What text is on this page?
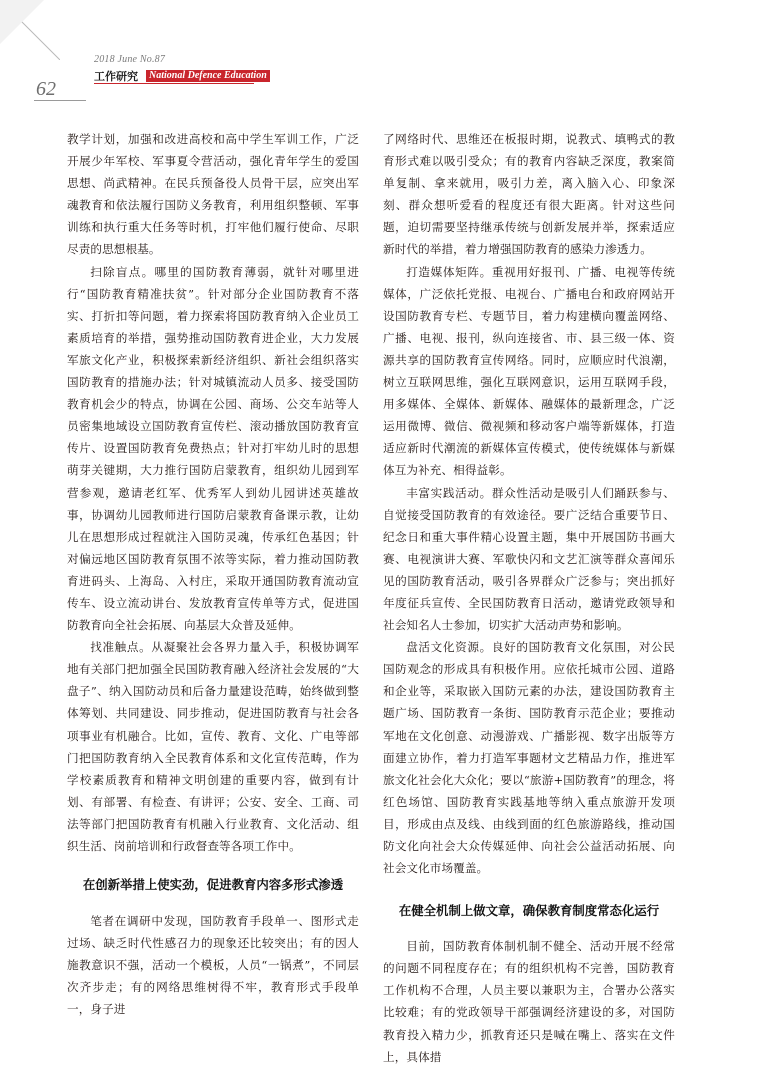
2018 June No.87
工作研究	National Defence Education
62

教学计划，加强和改进高校和高中学生军训工作，广泛开展少年军校、军事夏令营活动，强化青年学生的爱国思想、尚武精神。在民兵预备役人员骨干层，应突出军魂教育和依法履行国防义务教育，利用组织整顿、军事训练和执行重大任务等时机，打牢他们履行使命、尽职尽责的思想根基。

扫除盲点。哪里的国防教育薄弱，就针对哪里进行“国防教育精准扶贫”。针对部分企业国防教育不落实、打折扣等问题，着力探索将国防教育纳入企业员工素质培育的举措，强势推动国防教育进企业，大力发展军旅文化产业，积极探索新经济组织、新社会组织落实国防教育的措施办法；针对城镇流动人员多、接受国防教育机会少的特点，协调在公园、商场、公交车站等人员密集地域设立国防教育宣传栏、滚动播放国防教育宣传片、设置国防教育免费热点；针对打牢幼儿时的思想萌芽关键期，大力推行国防启蒙教育，组织幼儿园到军营参观，邀请老红军、优秀军人到幼儿园讲述英雄故事，协调幼儿园教师进行国防启蒙教育备课示教，让幼儿在思想形成过程就注入国防灵魂，传承红色基因；针对偏远地区国防教育氛围不浓等实际，着力推动国防教育进码头、上海岛、入村庄，采取开通国防教育流动宣传车、设立流动讲台、发放教育宣传单等方式，促进国防教育向全社会拓展、向基层大众普及延伸。

找准触点。从凝聚社会各界力量入手，积极协调军地有关部门把加强全民国防教育融入经济社会发展的“大盘子”、纳入国防动员和后备力量建设范畴，始终做到整体筹划、共同建设、同步推动，促进国防教育与社会各项事业有机融合。比如，宣传、教育、文化、广电等部门把国防教育纳入全民教育体系和文化宣传范畴，作为学校素质教育和精神文明创建的重要内容，做到有计划、有部署、有检查、有讲评；公安、安全、工商、司法等部门把国防教育有机融入行业教育、文化活动、组织生活、岗前培训和行政督查等各项工作中。

在创新举措上使实劲，促进教育内容多形式渗透

笔者在调研中发现，国防教育手段单一、图形式走过场、缺乏时代性感召力的现象还比较突出；有的因人施教意识不强，活动一个模板，人员“一锅煮”，不同层次齐步走；有的网络思维树得不牢，教育形式手段单一，身子进

了网络时代、思维还在板报时期，说教式、填鸭式的教育形式难以吸引受众；有的教育内容缺乏深度，教案简单复制、拿来就用，吸引力差，离入脑入心、印象深刻、群众想听爱看的程度还有很大距离。针对这些问题，迫切需要坚持继承传统与创新发展并举，探索适应新时代的举措，着力增强国防教育的感染力渗透力。

打造媒体矩阵。重视用好报刊、广播、电视等传统媒体，广泛依托党报、电视台、广播电台和政府网站开设国防教育专栏、专题节目，着力构建横向覆盖网络、广播、电视、报刊，纵向连接省、市、县三级一体、资源共享的国防教育宣传网络。同时，应顺应时代浪潮，树立互联网思维，强化互联网意识，运用互联网手段，用多媒体、全媒体、新媒体、融媒体的最新理念，广泛运用微博、微信、微视频和移动客户端等新媒体，打造适应新时代潮流的新媒体宣传模式，使传统媒体与新媒体互为补充、相得益彰。

丰富实践活动。群众性活动是吸引人们踊跃参与、自觉接受国防教育的有效途径。要广泛结合重要节日、纪念日和重大事件精心设置主题，集中开展国防书画大赛、电视演讲大赛、军歌快闪和文艺汇演等群众喜闻乐见的国防教育活动，吸引各界群众广泛参与；突出抓好年度征兵宣传、全民国防教育日活动，邀请党政领导和社会知名人士参加，切实扩大活动声势和影响。

盘活文化资源。良好的国防教育文化氛围，对公民国防观念的形成具有积极作用。应依托城市公园、道路和企业等，采取嵌入国防元素的办法，建设国防教育主题广场、国防教育一条街、国防教育示范企业；要推动军地在文化创意、动漫游戏、广播影视、数字出版等方面建立协作，着力打造军事题材文艺精品力作，推进军旅文化社会化大众化；要以“旅游+国防教育”的理念，将红色场馆、国防教育实践基地等纳入重点旅游开发项目，形成由点及线、由线到面的红色旅游路线，推动国防文化向社会大众传媒延伸、向社会公益活动拓展、向社会文化市场覆盖。

在健全机制上做文章，确保教育制度常态化运行

目前，国防教育体制机制不健全、活动开展不经常的问题不同程度存在；有的组织机构不完善，国防教育工作机构不合理，人员主要以兼职为主，合署办公落实比较难；有的党政领导干部强调经济建设的多，对国防教育投入精力少，抓教育还只是喊在嘴上、落实在文件上，具体措
